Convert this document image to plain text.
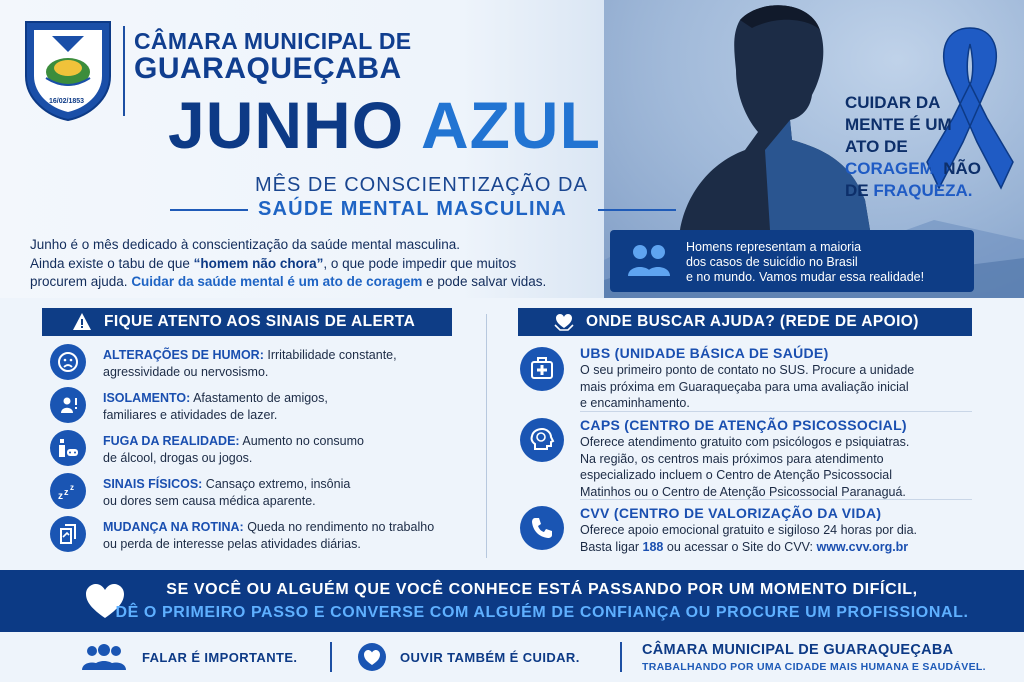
16/02/1853
CÂMARA MUNICIPAL DE
GUARAQUEÇABA
JUNHO AZUL
MÊS DE CONSCIENTIZAÇÃO DA
SAÚDE MENTAL MASCULINA
Junho é o mês dedicado à conscientização da saúde mental masculina.
Ainda existe o tabu de que “homem não chora”, o que pode impedir que muitos
procurem ajuda. Cuidar da saúde mental é um ato de coragem e pode salvar vidas.
CUIDAR DA MENTE É UM ATO DE CORAGEM, NÃO DE FRAQUEZA.
Homens representam a maioria
dos casos de suicídio no Brasil
e no mundo. Vamos mudar essa realidade!
FIQUE ATENTO AOS SINAIS DE ALERTA
ALTERAÇÕES DE HUMOR: Irritabilidade constante,
agressividade ou nervosismo.
ISOLAMENTO: Afastamento de amigos,
familiares e atividades de lazer.
FUGA DA REALIDADE: Aumento no consumo
de álcool, drogas ou jogos.
z z z SINAIS FÍSICOS: Cansaço extremo, insônia
ou dores sem causa médica aparente.
MUDANÇA NA ROTINA: Queda no rendimento no trabalho
ou perda de interesse pelas atividades diárias.
ONDE BUSCAR AJUDA? (REDE DE APOIO)
UBS (UNIDADE BÁSICA DE SAÚDE)
O seu primeiro ponto de contato no SUS. Procure a unidade
mais próxima em Guaraqueçaba para uma avaliação inicial
e encaminhamento.
CAPS (CENTRO DE ATENÇÃO PSICOSSOCIAL)
Oferece atendimento gratuito com psicólogos e psiquiatras.
Na região, os centros mais próximos para atendimento
especializado incluem o Centro de Atenção Psicossocial
Matinhos ou o Centro de Atenção Psicossocial Paranaguá.
CVV (CENTRO DE VALORIZAÇÃO DA VIDA)
Oferece apoio emocional gratuito e sigiloso 24 horas por dia.
Basta ligar 188 ou acessar o Site do CVV: www.cvv.org.br
SE VOCÊ OU ALGUÉM QUE VOCÊ CONHECE ESTÁ PASSANDO POR UM MOMENTO DIFÍCIL,
DÊ O PRIMEIRO PASSO E CONVERSE COM ALGUÉM DE CONFIANÇA OU PROCURE UM PROFISSIONAL.
FALAR É IMPORTANTE.	OUVIR TAMBÉM É CUIDAR.	CÂMARA MUNICIPAL DE GUARAQUEÇABA
TRABALHANDO POR UMA CIDADE MAIS HUMANA E SAUDÁVEL.
